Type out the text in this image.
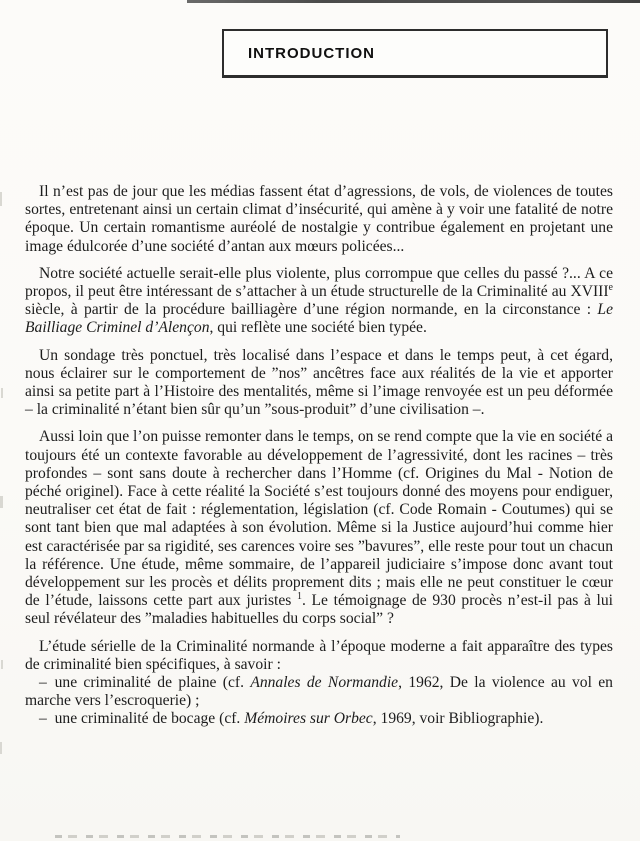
INTRODUCTION

Il n’est pas de jour que les médias fassent état d’agressions, de vols, de violences de toutes sortes, entretenant ainsi un certain climat d’insécurité, qui amène à y voir une fatalité de notre époque. Un certain romantisme auréolé de nostalgie y contribue également en projetant une image édulcorée d’une société d’antan aux mœurs policées...

Notre société actuelle serait-elle plus violente, plus corrompue que celles du passé ?... A ce propos, il peut être intéressant de s’attacher à un étude structurelle de la Criminalité au XVIIIe siècle, à partir de la procédure bailliagère d’une région normande, en la circonstance : Le Bailliage Criminel d’Alençon, qui reflète une société bien typée.

Un sondage très ponctuel, très localisé dans l’espace et dans le temps peut, à cet égard, nous éclairer sur le comportement de ”nos” ancêtres face aux réalités de la vie et apporter ainsi sa petite part à l’Histoire des mentalités, même si l’image renvoyée est un peu déformée – la criminalité n’étant bien sûr qu’un ”sous-produit” d’une civilisation –.

Aussi loin que l’on puisse remonter dans le temps, on se rend compte que la vie en société a toujours été un contexte favorable au développement de l’agressivité, dont les racines – très profondes – sont sans doute à rechercher dans l’Homme (cf. Origines du Mal - Notion de péché originel). Face à cette réalité la Société s’est toujours donné des moyens pour endiguer, neutraliser cet état de fait : réglementation, législation (cf. Code Romain - Coutumes) qui se sont tant bien que mal adaptées à son évolution. Même si la Justice aujourd’hui comme hier est caractérisée par sa rigidité, ses carences voire ses ”bavures”, elle reste pour tout un chacun la référence. Une étude, même sommaire, de l’appareil judiciaire s’impose donc avant tout développement sur les procès et délits proprement dits ; mais elle ne peut constituer le cœur de l’étude, laissons cette part aux juristes $^1$. Le témoignage de 930 procès n’est-il pas à lui seul révélateur des ”maladies habituelles du corps social” ?

L’étude sérielle de la Criminalité normande à l’époque moderne a fait apparaître des types de criminalité bien spécifiques, à savoir :

– une criminalité de plaine (cf. Annales de Normandie, 1962, De la violence au vol en marche vers l’escroquerie) ;

– une criminalité de bocage (cf. Mémoires sur Orbec, 1969, voir Bibliographie).
